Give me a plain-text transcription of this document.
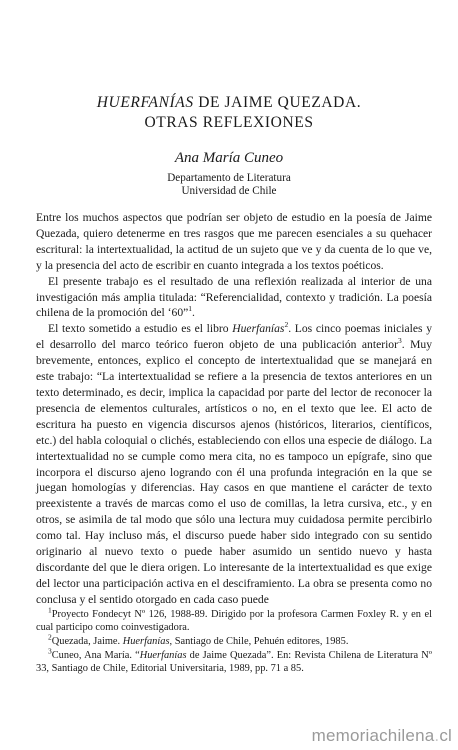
HUERFANÍAS DE JAIME QUEZADA.
OTRAS REFLEXIONES
Ana María Cuneo
Departamento de Literatura
Universidad de Chile

Entre los muchos aspectos que podrían ser objeto de estudio en la poesía de Jaime Quezada, quiero detenerme en tres rasgos que me parecen esenciales a su quehacer escritural: la intertextualidad, la actitud de un sujeto que ve y da cuenta de lo que ve, y la presencia del acto de escribir en cuanto integrada a los textos poéticos.

El presente trabajo es el resultado de una reflexión realizada al interior de una investigación más amplia titulada: “Referencialidad, contexto y tradición. La poesía chilena de la promoción del ‘60”$^1$.

El texto sometido a estudio es el libro Huerfanías$^2$. Los cinco poemas iniciales y el desarrollo del marco teórico fueron objeto de una publicación anterior$^3$. Muy brevemente, entonces, explico el concepto de intertextualidad que se manejará en este trabajo: “La intertextualidad se refiere a la presencia de textos anteriores en un texto determinado, es decir, implica la capacidad por parte del lector de reconocer la presencia de elementos culturales, artísticos o no, en el texto que lee. El acto de escritura ha puesto en vigencia discursos ajenos (históricos, literarios, científicos, etc.) del habla coloquial o clichés, estableciendo con ellos una especie de diálogo. La intertextualidad no se cumple como mera cita, no es tampoco un epígrafe, sino que incorpora el discurso ajeno logrando con él una profunda integración en la que se juegan homologías y diferencias. Hay casos en que mantiene el carácter de texto preexistente a través de marcas como el uso de comillas, la letra cursiva, etc., y en otros, se asimila de tal modo que sólo una lectura muy cuidadosa permite percibirlo como tal. Hay incluso más, el discurso puede haber sido integrado con su sentido originario al nuevo texto o puede haber asumido un sentido nuevo y hasta discordante del que le diera origen. Lo interesante de la intertextualidad es que exige del lector una participación activa en el desciframiento. La obra se presenta como no conclusa y el sentido otorgado en cada caso puede

$^1$Proyecto Fondecyt Nº 126, 1988-89. Dirigido por la profesora Carmen Foxley R. y en el cual participo como coinvestigadora.

$^2$Quezada, Jaime. Huerfanías, Santiago de Chile, Pehuén editores, 1985.

$^3$Cuneo, Ana María. “Huerfanías de Jaime Quezada”. En: Revista Chilena de Literatura Nº 33, Santiago de Chile, Editorial Universitaria, 1989, pp. 71 a 85.

memoriachilena.cl
